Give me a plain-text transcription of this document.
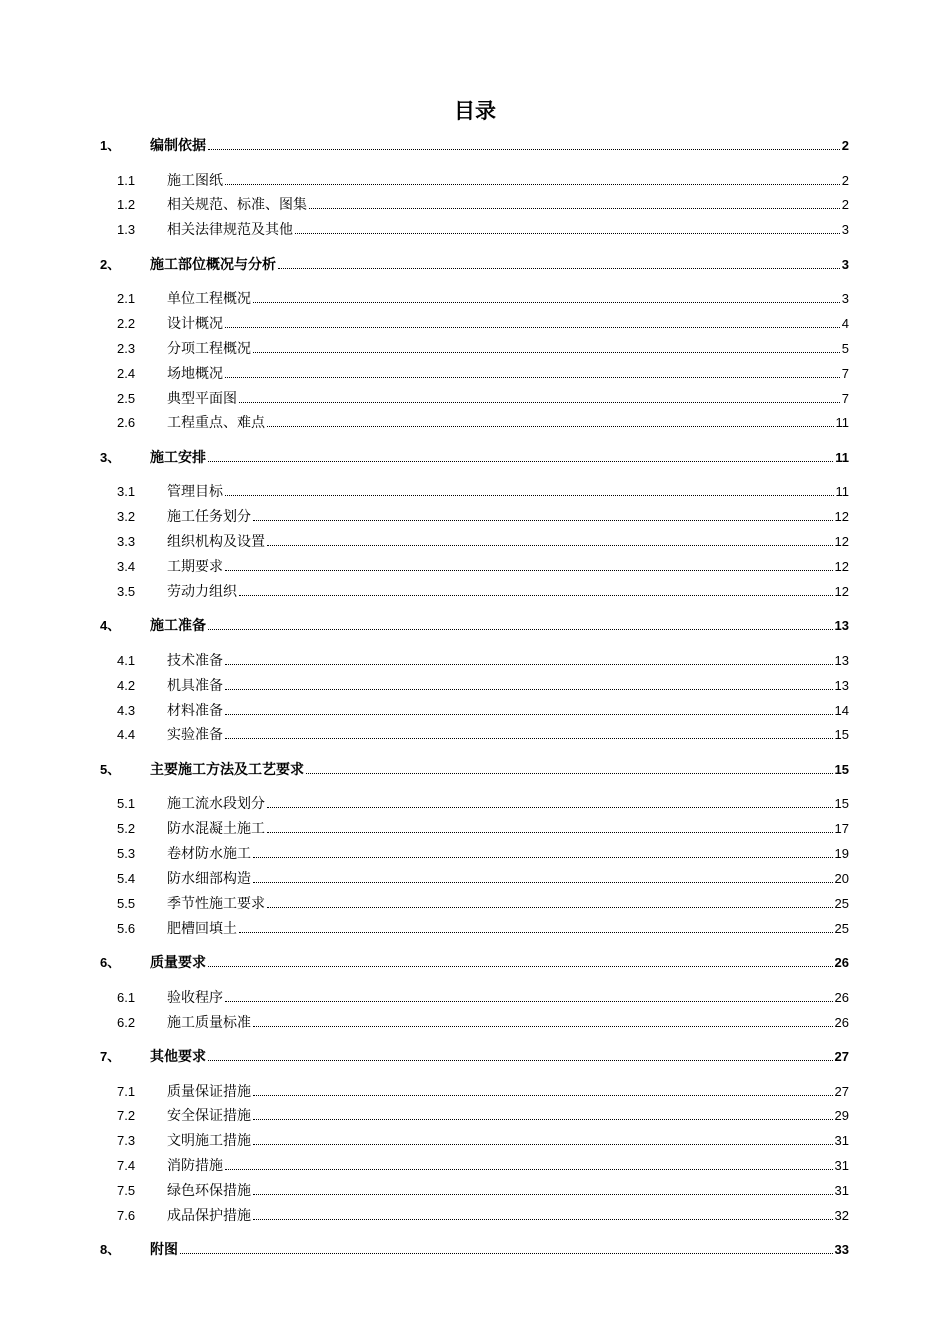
目录
1、 编制依据	2
1.1 施工图纸	2
1.2 相关规范、标准、图集	2
1.3 相关法律规范及其他	3
2、 施工部位概况与分析	3
2.1 单位工程概况	3
2.2 设计概况	4
2.3 分项工程概况	5
2.4 场地概况	7
2.5 典型平面图	7
2.6 工程重点、难点	11
3、 施工安排	11
3.1 管理目标	11
3.2 施工任务划分	12
3.3 组织机构及设置	12
3.4 工期要求	12
3.5 劳动力组织	12
4、 施工准备	13
4.1 技术准备	13
4.2 机具准备	13
4.3 材料准备	14
4.4 实验准备	15
5、 主要施工方法及工艺要求	15
5.1 施工流水段划分	15
5.2 防水混凝土施工	17
5.3 卷材防水施工	19
5.4 防水细部构造	20
5.5 季节性施工要求	25
5.6 肥槽回填土	25
6、 质量要求	26
6.1 验收程序	26
6.2 施工质量标准	26
7、 其他要求	27
7.1 质量保证措施	27
7.2 安全保证措施	29
7.3 文明施工措施	31
7.4 消防措施	31
7.5 绿色环保措施	31
7.6 成品保护措施	32
8、 附图	33
